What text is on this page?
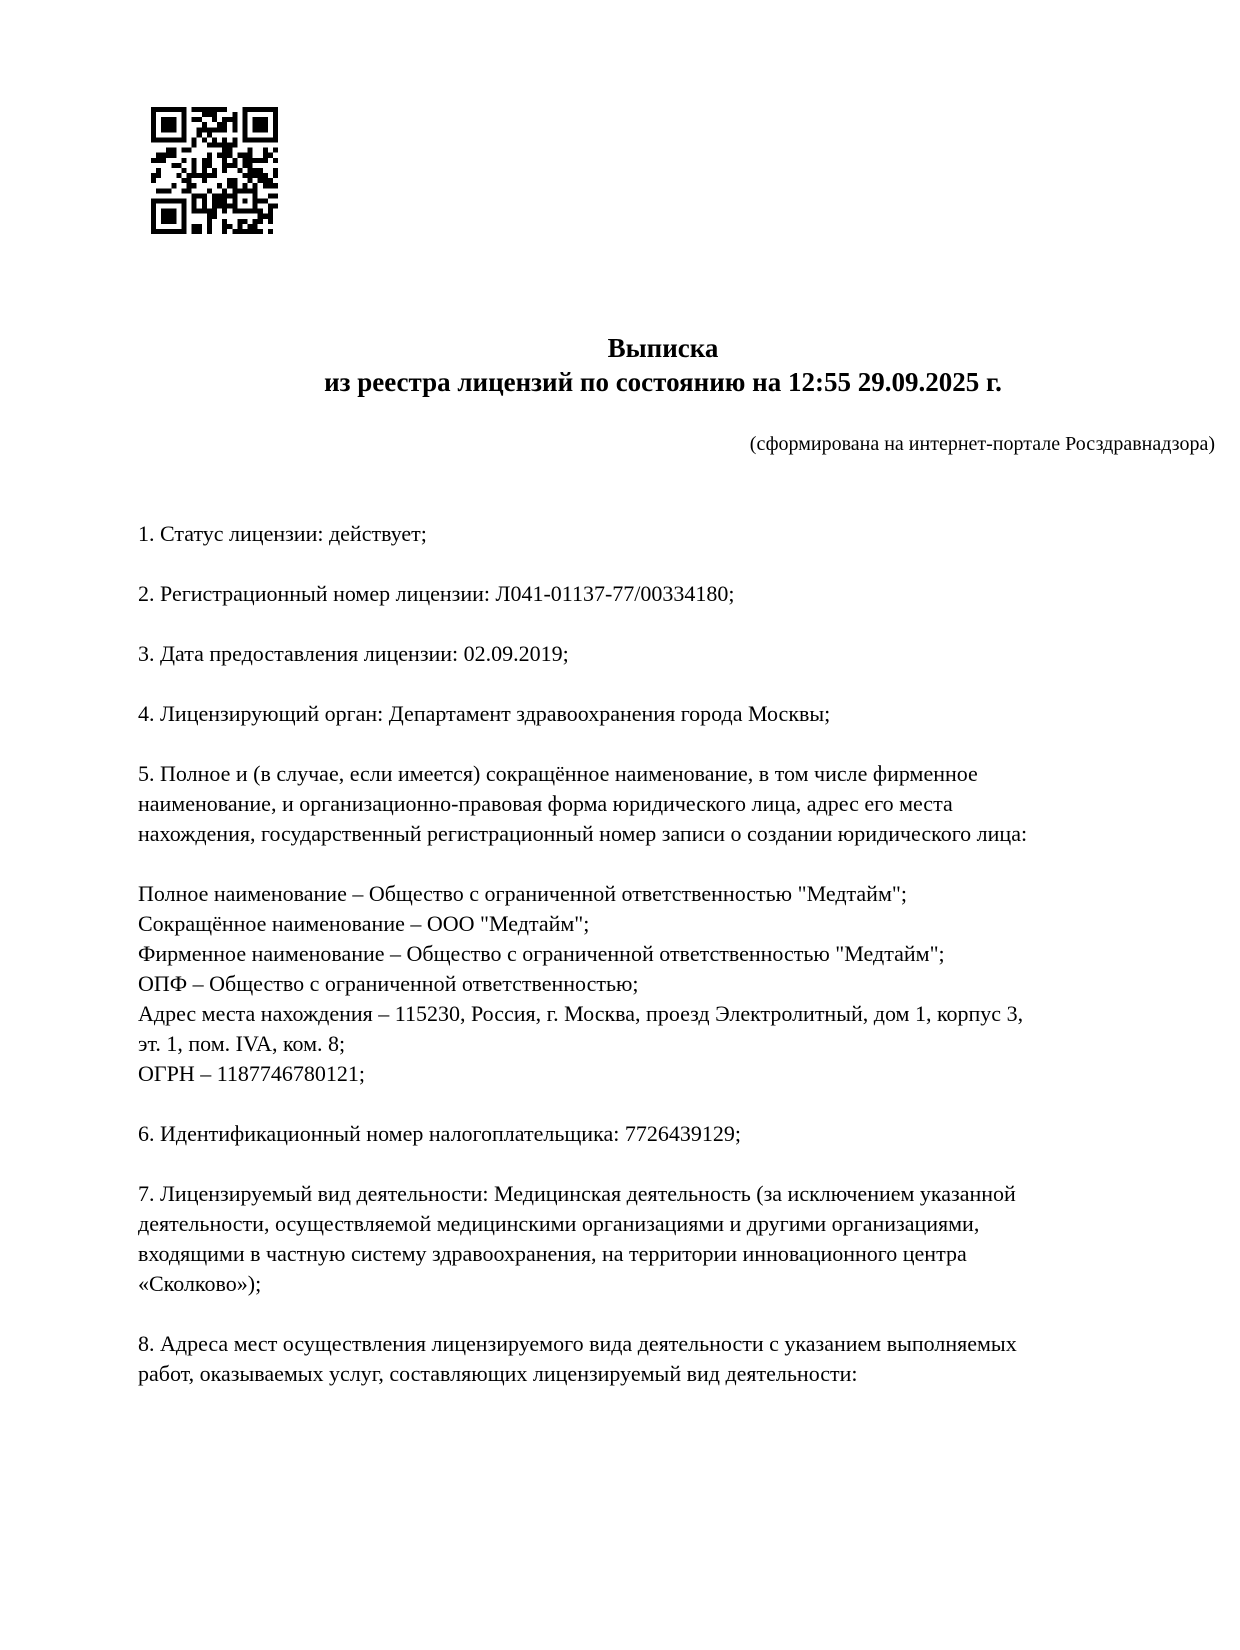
Выписка
из реестра лицензий по состоянию на 12:55 29.09.2025 г.
(сформирована на интернет-портале Росздравнадзора)

1. Статус лицензии: действует;

2. Регистрационный номер лицензии: Л041-01137-77/00334180;

3. Дата предоставления лицензии: 02.09.2019;

4. Лицензирующий орган: Департамент здравоохранения города Москвы;

5. Полное и (в случае, если имеется) сокращённое наименование, в том числе фирменное
наименование, и организационно-правовая форма юридического лица, адрес его места
нахождения, государственный регистрационный номер записи о создании юридического лица:

Полное наименование – Общество с ограниченной ответственностью "Медтайм";
Сокращённое наименование – ООО "Медтайм";
Фирменное наименование – Общество с ограниченной ответственностью "Медтайм";
ОПФ – Общество с ограниченной ответственностью;
Адрес места нахождения – 115230, Россия, г. Москва, проезд Электролитный, дом 1, корпус 3,
эт. 1, пом. IVA, ком. 8;
ОГРН – 1187746780121;

6. Идентификационный номер налогоплательщика: 7726439129;

7. Лицензируемый вид деятельности: Медицинская деятельность (за исключением указанной
деятельности, осуществляемой медицинскими организациями и другими организациями,
входящими в частную систему здравоохранения, на территории инновационного центра
«Сколково»);

8. Адреса мест осуществления лицензируемого вида деятельности с указанием выполняемых
работ, оказываемых услуг, составляющих лицензируемый вид деятельности:
